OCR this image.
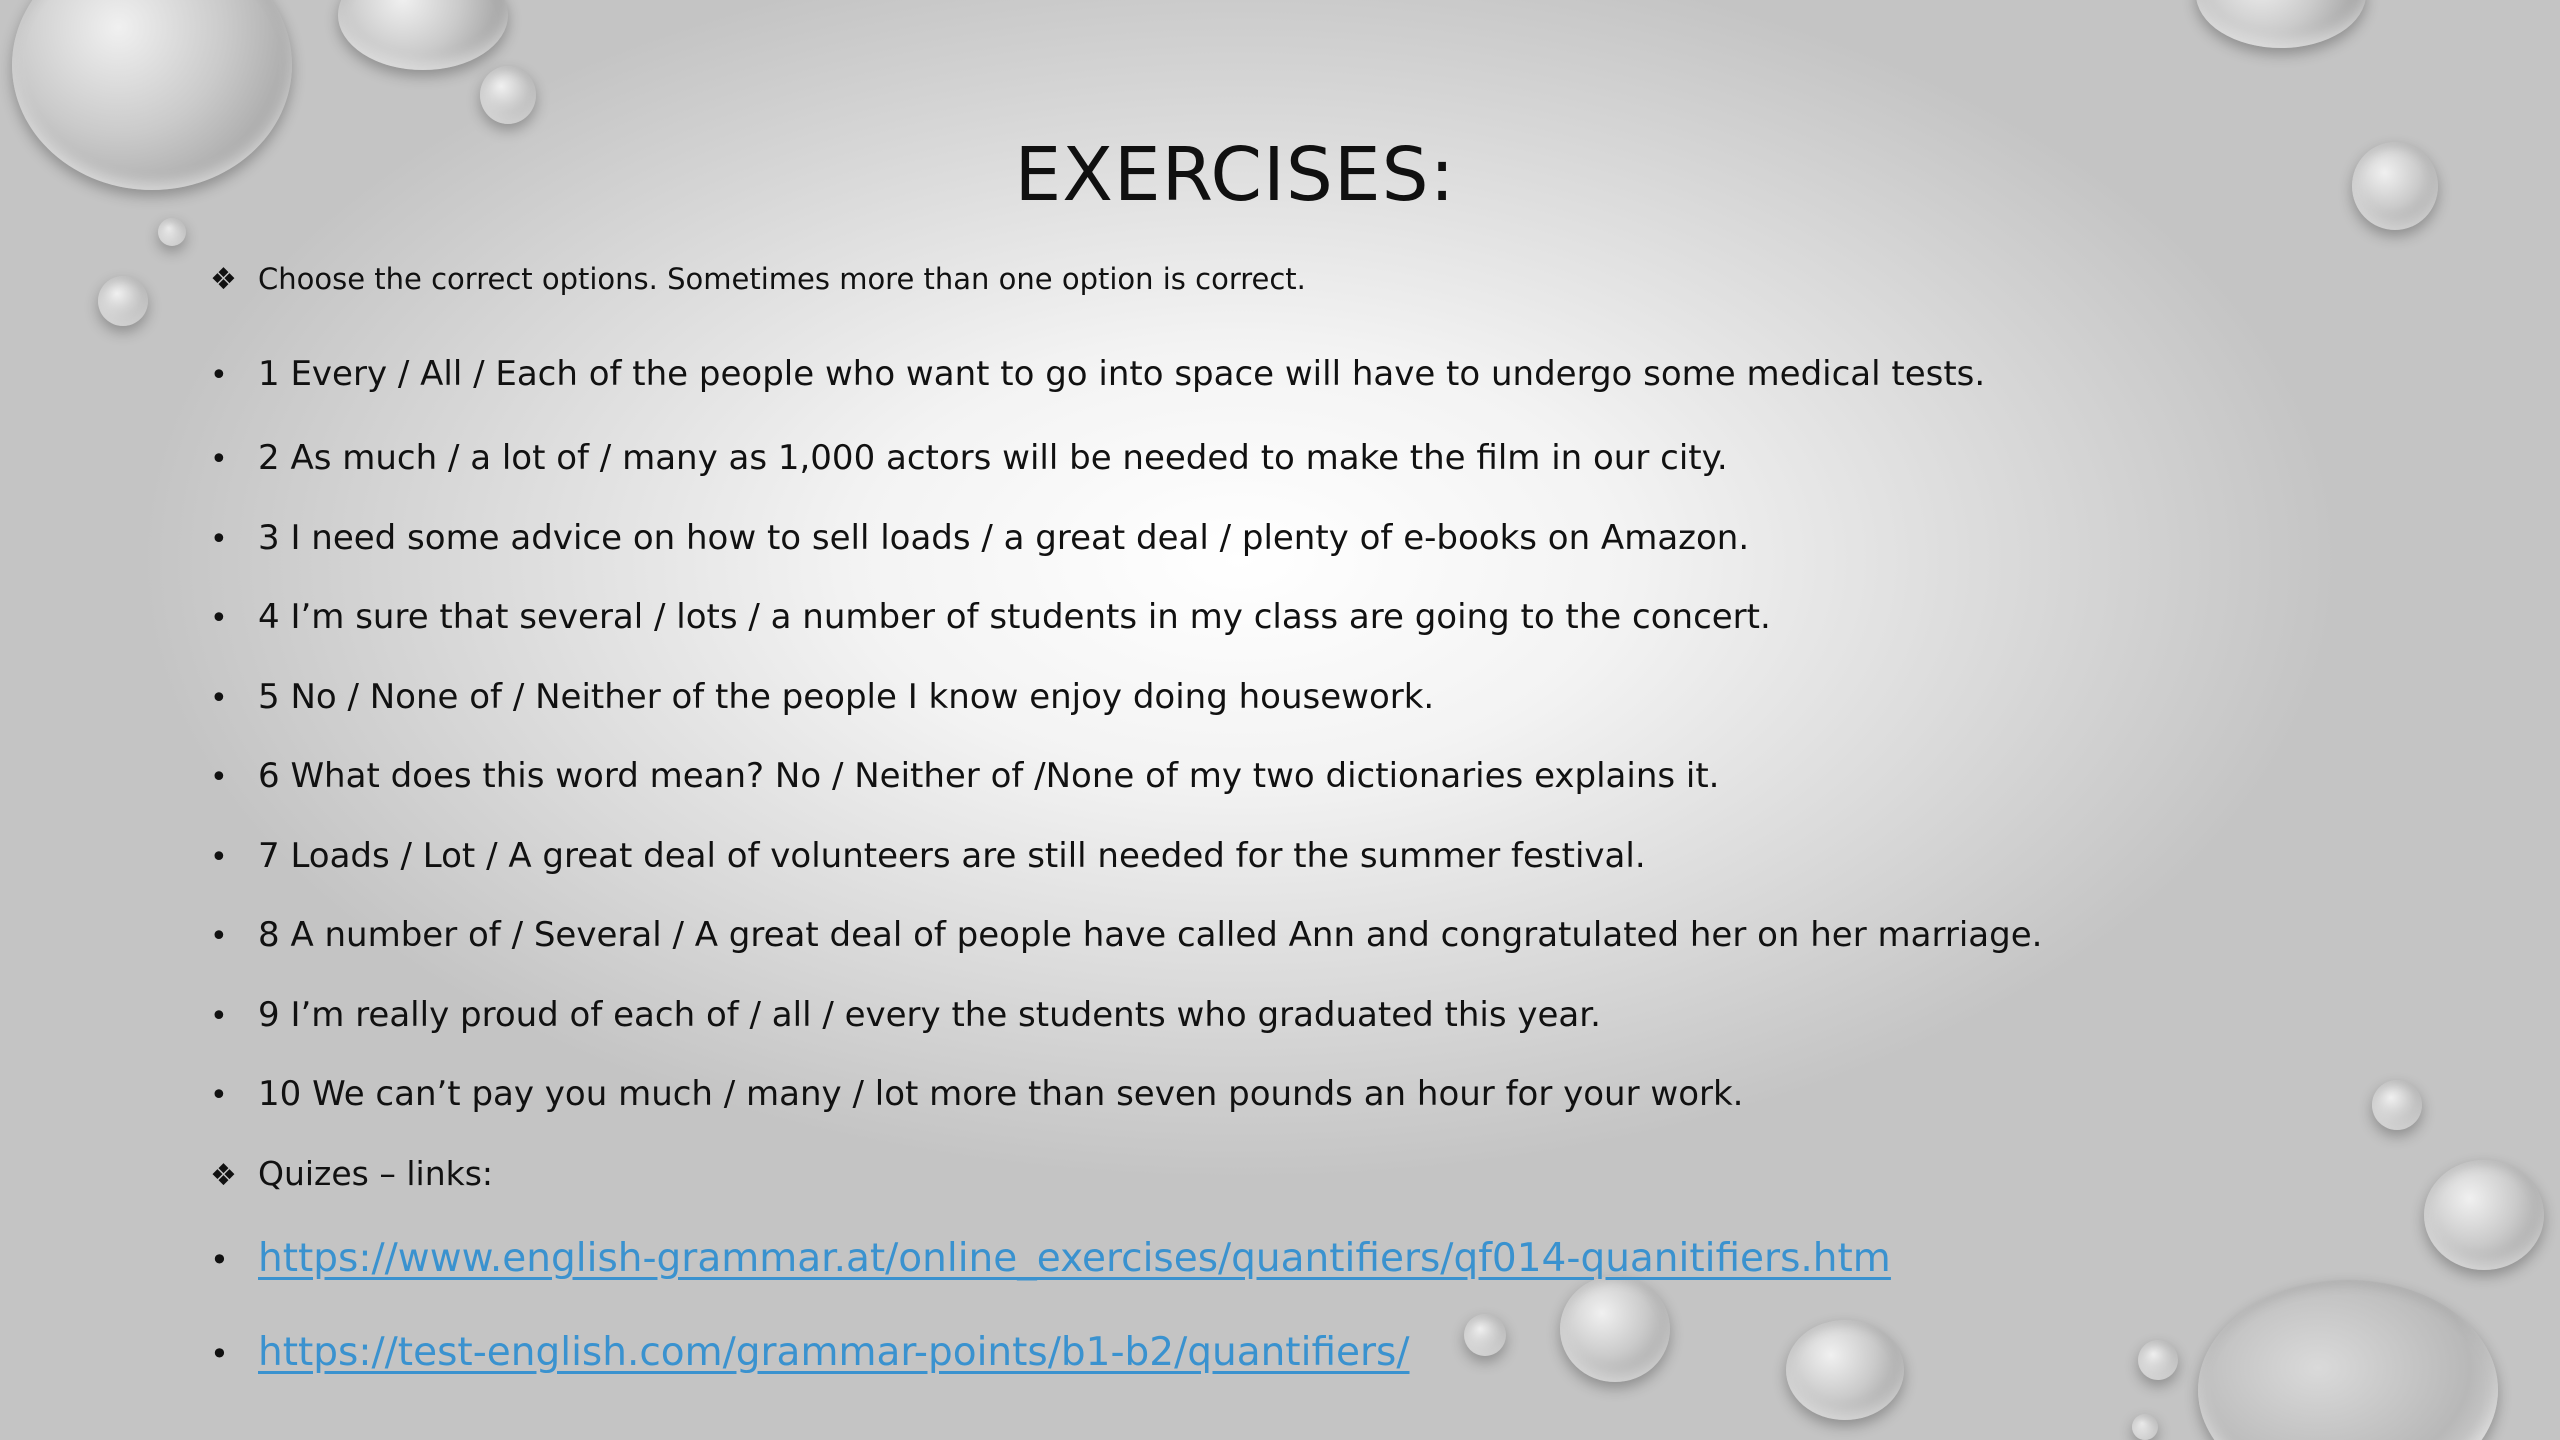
EXERCISES:
❖ Choose the correct options. Sometimes more than one option is correct.
• 1 Every / All / Each of the people who want to go into space will have to undergo some medical tests.
• 2 As much / a lot of / many as 1,000 actors will be needed to make the film in our city.
• 3 I need some advice on how to sell loads / a great deal / plenty of e-books on Amazon.
• 4 I’m sure that several / lots / a number of students in my class are going to the concert.
• 5 No / None of / Neither of the people I know enjoy doing housework.
• 6 What does this word mean? No / Neither of /None of my two dictionaries explains it.
• 7 Loads / Lot / A great deal of volunteers are still needed for the summer festival.
• 8 A number of / Several / A great deal of people have called Ann and congratulated her on her marriage.
• 9 I’m really proud of each of / all / every the students who graduated this year.
• 10 We can’t pay you much / many / lot more than seven pounds an hour for your work.
❖ Quizes – links:
• https://www.english-grammar.at/online_exercises/quantifiers/qf014-quanitifiers.htm
• https://test-english.com/grammar-points/b1-b2/quantifiers/
